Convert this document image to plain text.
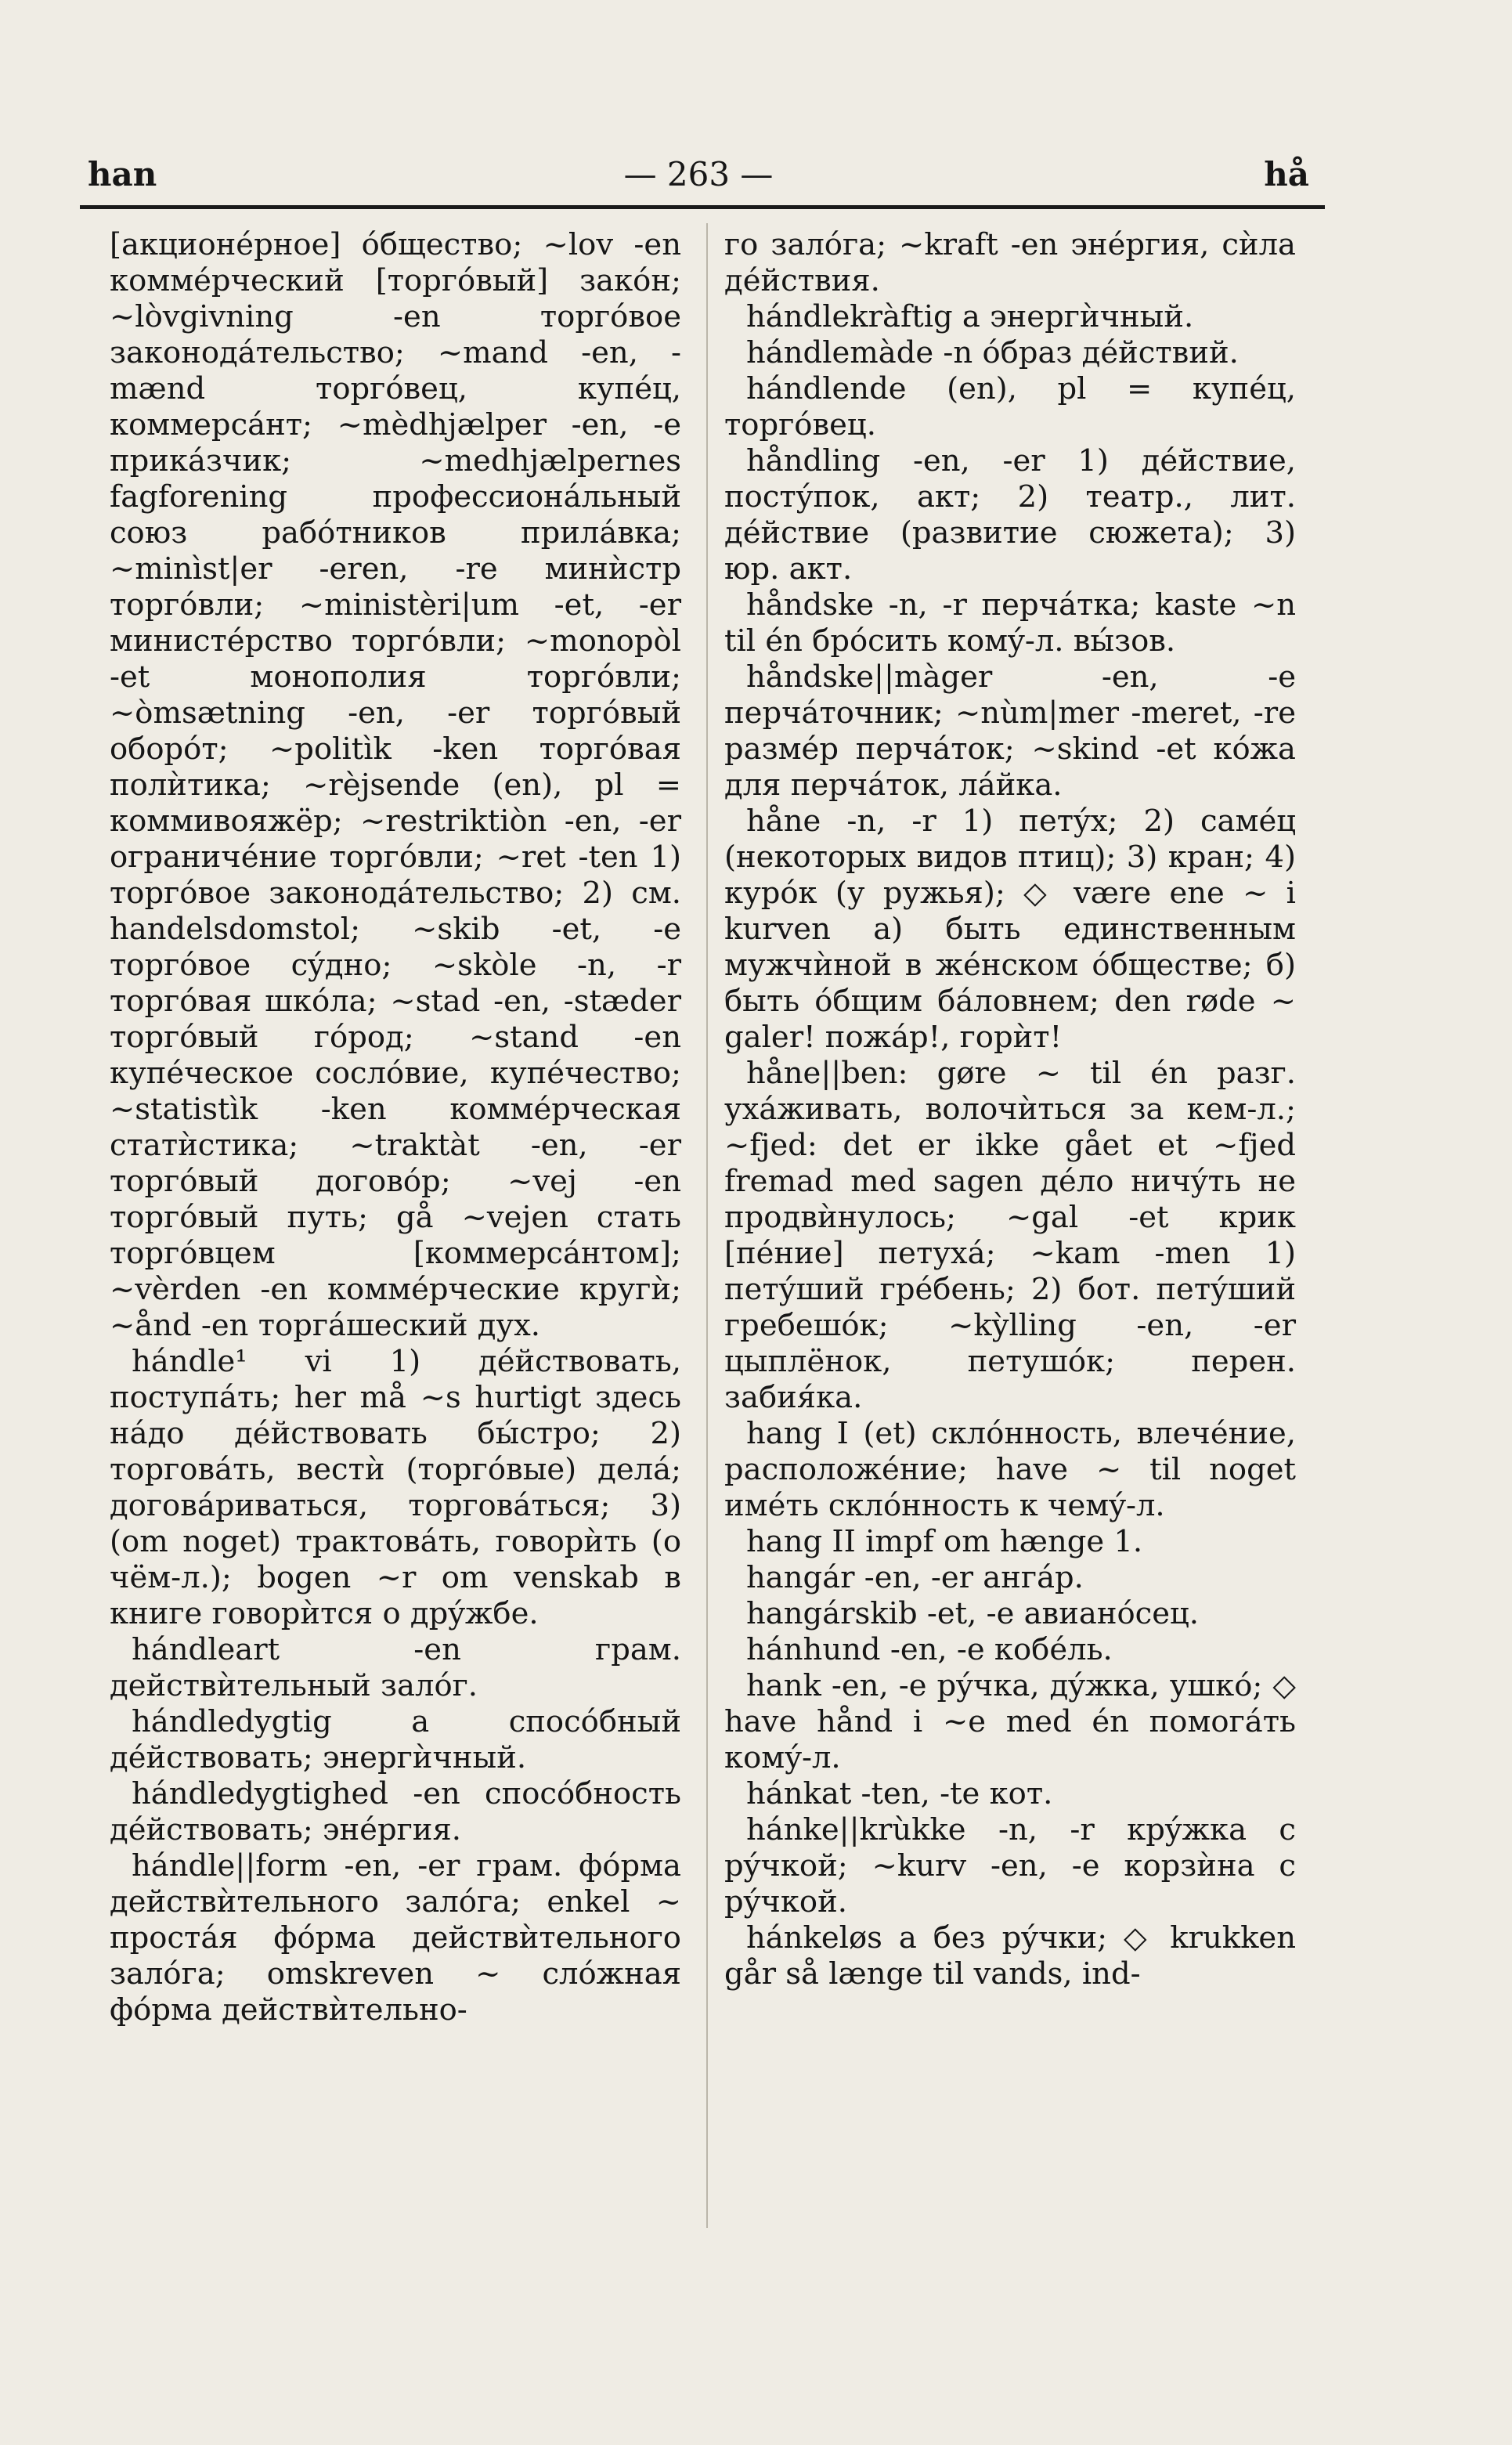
han	— 263 —	hå

[акционéрное] óбщество; ~lov -en коммéрческий [торгóвый] закóн; ~lòvgivning -en торгóвое законодáтельство; ~mand -en, -mænd торгóвец, купéц, коммерсáнт; ~mèdhjælper -en, -e прикáзчик; ~medhjælpernes fagforening профессионáльный союз рабóтников прилáвка; ~minìst|er -eren, -re минѝстр торгóвли; ~ministèri|um -et, -er министéрство торгóвли; ~monopòl -et монополия торгóвли; ~òmsætning -en, -er торгóвый оборóт; ~politìk -ken торгóвая полѝтика; ~rèjsende (en), pl = коммивояжёр; ~restriktiòn -en, -er ограничéние торгóвли; ~ret -ten 1) торгóвое законодáтельство; 2) см. handelsdomstol; ~skib -et, -e торгóвое сýдно; ~skòle -n, -r торгóвая шкóла; ~stad -en, -stæder торгóвый гóрод; ~stand -en купéческое сослóвие, купéчество; ~statistìk -ken коммéрческая статѝстика; ~traktàt -en, -er торгóвый договóр; ~vej -en торгóвый путь; gå ~vejen стать торгóвцем [коммерсáнтом]; ~vèrden -en коммéрческие кругѝ; ~ånd -en торгáшеский дух.

hándle¹ vi 1) дéйствовать, поступáть; her må ~s hurtigt здесь нáдо дéйствовать бы́стро; 2) торговáть, вестѝ (торгóвые) делá; договáриваться, торговáться; 3) (om noget) трактовáть, говорѝть (о чём-л.); bogen ~r om venskab в книге говорѝтся о дрýжбе.

hándleart -en грам. действѝтельный залóг.

hándledygtig a спосóбный дéйствовать; энергѝчный.

hándledygtighed -en спосóбность дéйствовать; энéргия.

hándle||form -en, -er грам. фóрма действѝтельного залóга; enkel ~ простáя фóрма действѝтельного залóга; omskreven ~ слóжная фóрма действѝтельно-

го залóга; ~kraft -en энéргия, сѝла дéйствия.

hándlekràftig a энергѝчный.

hándlemàde -n óбраз дéйствий.

hándlende (en), pl = купéц, торгóвец.

håndling -en, -er 1) дéйствие, постýпок, акт; 2) театр., лит. дéйствие (развитие сюжета); 3) юр. акт.

håndske -n, -r перчáтка; kaste ~n til én брóсить комý-л. вы́зов.

håndske||màger -en, -e перчáточник; ~nùm|mer -meret, -re размéр перчáток; ~skind -et кóжа для перчáток, лáйка.

håne -n, -r 1) петýх; 2) самéц (некоторых видов птиц); 3) кран; 4) курóк (у ружья); ◇ være ene ~ i kurven а) быть единственным мужчѝной в жéнском óбществе; б) быть óбщим бáловнем; den røde ~ galer! пожáр!, горѝт!

håne||ben: gøre ~ til én разг. ухáживать, волочѝться за кем-л.; ~fjed: det er ikke gået et ~fjed fremad med sagen дéло ничýть не продвѝнулось; ~gal -et крик [пéние] петухá; ~kam -men 1) петýший грéбень; 2) бот. петýший гребешóк; ~kỳlling -en, -er цыплёнок, петушóк; перен. забия́ка.

hang I (et) склóнность, влечéние, расположéние; have ~ til noget имéть склóнность к чемý-л.

hang II impf om hænge 1.

hangár -en, -er ангáр.

hangárskib -et, -e авианóсец.

hánhund -en, -e кобéль.

hank -en, -e рýчка, дýжка, ушкó; ◇ have hånd i ~e med én помогáть комý-л.

hánkat -ten, -te кот.

hánke||krùkke -n, -r крýжка с рýчкой; ~kurv -en, -e корзѝна с рýчкой.

hánkeløs a без рýчки; ◇ krukken går så længe til vands, ind-
